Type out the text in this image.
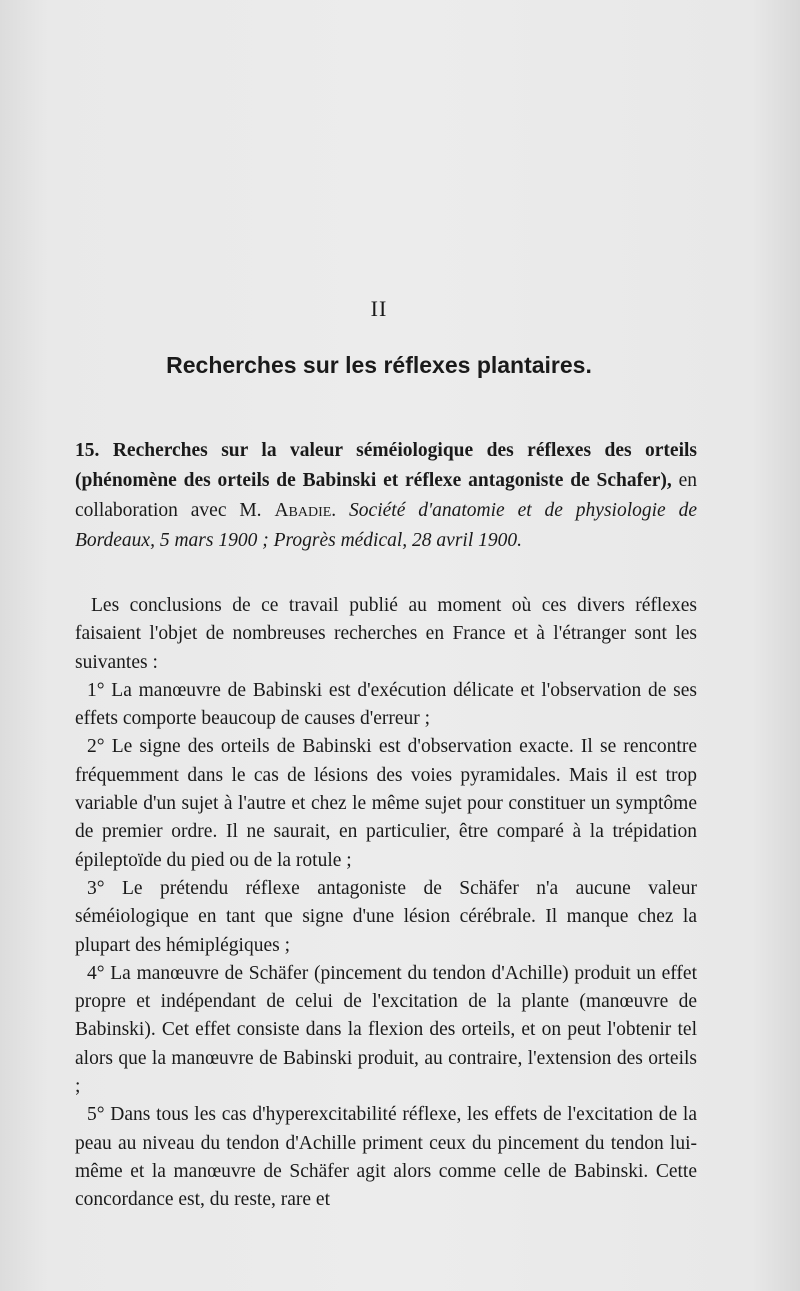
II
Recherches sur les réflexes plantaires.
15. Recherches sur la valeur séméiologique des réflexes des orteils (phénomène des orteils de Babinski et réflexe antagoniste de Schafer), en collaboration avec M. Abadie. Société d'anatomie et de physiologie de Bordeaux, 5 mars 1900 ; Progrès médical, 28 avril 1900.

Les conclusions de ce travail publié au moment où ces divers réflexes faisaient l'objet de nombreuses recherches en France et à l'étranger sont les suivantes :

1° La manœuvre de Babinski est d'exécution délicate et l'observation de ses effets comporte beaucoup de causes d'erreur ;

2° Le signe des orteils de Babinski est d'observation exacte. Il se rencontre fréquemment dans le cas de lésions des voies pyramidales. Mais il est trop variable d'un sujet à l'autre et chez le même sujet pour constituer un symptôme de premier ordre. Il ne saurait, en particulier, être comparé à la trépidation épileptoïde du pied ou de la rotule ;

3° Le prétendu réflexe antagoniste de Schäfer n'a aucune valeur séméiologique en tant que signe d'une lésion cérébrale. Il manque chez la plupart des hémiplégiques ;

4° La manœuvre de Schäfer (pincement du tendon d'Achille) produit un effet propre et indépendant de celui de l'excitation de la plante (manœuvre de Babinski). Cet effet consiste dans la flexion des orteils, et on peut l'obtenir tel alors que la manœuvre de Babinski produit, au contraire, l'extension des orteils ;

5° Dans tous les cas d'hyperexcitabilité réflexe, les effets de l'excitation de la peau au niveau du tendon d'Achille priment ceux du pincement du tendon lui-même et la manœuvre de Schäfer agit alors comme celle de Babinski. Cette concordance est, du reste, rare et
